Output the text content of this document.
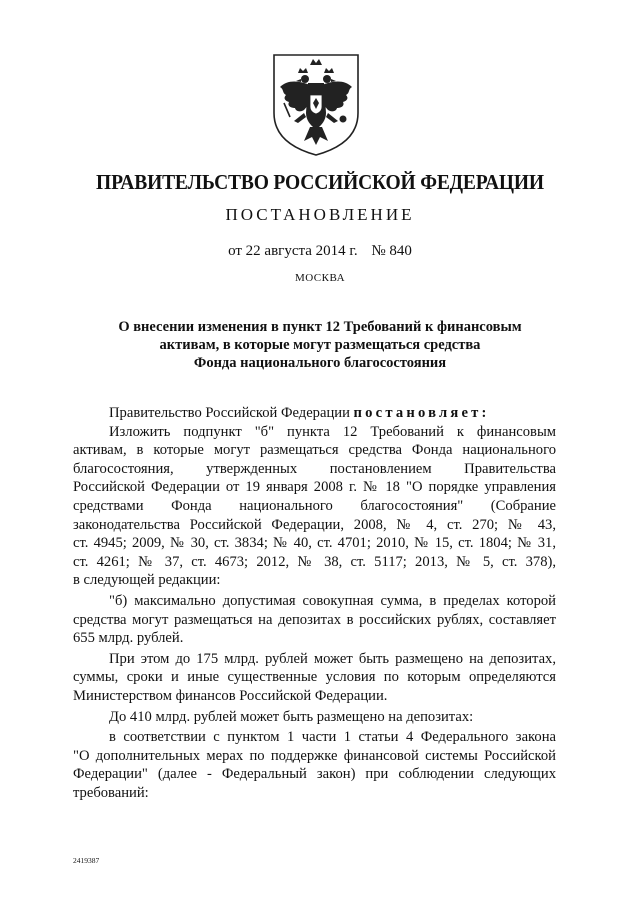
ПРАВИТЕЛЬСТВО РОССИЙСКОЙ ФЕДЕРАЦИИ
ПОСТАНОВЛЕНИЕ
от 22 августа 2014 г. № 840
МОСКВА
О внесении изменения в пункт 12 Требований к финансовым
активам, в которые могут размещаться средства
Фонда национального благосостояния
Правительство Российской Федерации постановляет:
Изложить подпункт "б" пункта 12 Требований к финансовым
активам, в которые могут размещаться средства Фонда национального
благосостояния, утвержденных постановлением Правительства
Российской Федерации от 19 января 2008 г. № 18 "О порядке управления
средствами Фонда национального благосостояния" (Собрание
законодательства Российской Федерации, 2008, № 4, ст. 270; № 43,
ст. 4945; 2009, № 30, ст. 3834; № 40, ст. 4701; 2010, № 15, ст. 1804; № 31,
ст. 4261; № 37, ст. 4673; 2012, № 38, ст. 5117; 2013, № 5, ст. 378),
в следующей редакции:
"б) максимально допустимая совокупная сумма, в пределах которой
средства могут размещаться на депозитах в российских рублях, составляет
655 млрд. рублей.
При этом до 175 млрд. рублей может быть размещено на депозитах,
суммы, сроки и иные существенные условия по которым определяются
Министерством финансов Российской Федерации.
До 410 млрд. рублей может быть размещено на депозитах:
в соответствии с пунктом 1 части 1 статьи 4 Федерального закона
"О дополнительных мерах по поддержке финансовой системы Российской
Федерации" (далее - Федеральный закон) при соблюдении следующих
требований:
2419387
